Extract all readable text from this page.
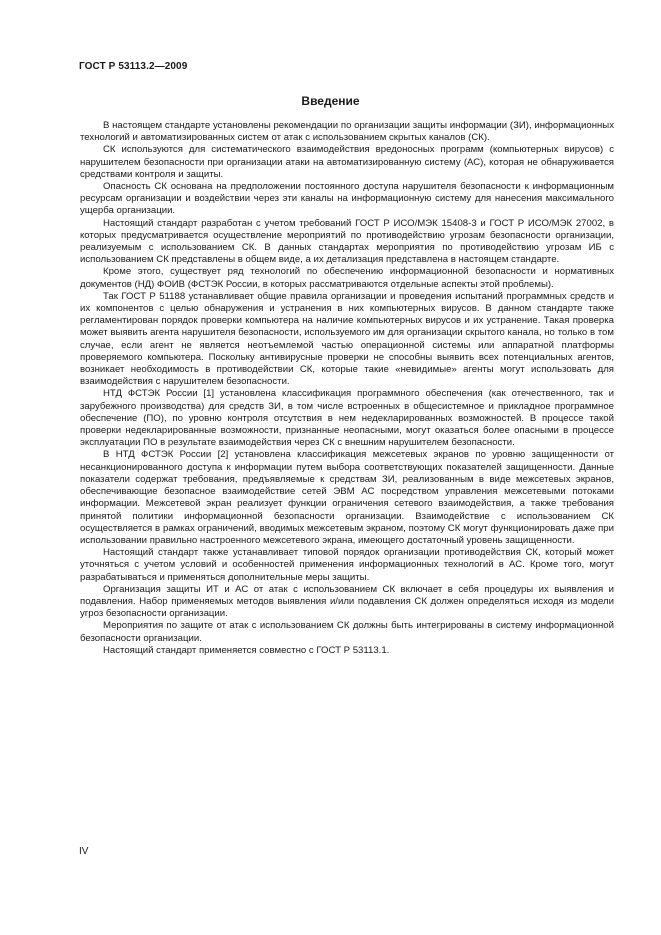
ГОСТ Р 53113.2—2009
Введение

В настоящем стандарте установлены рекомендации по организации защиты информации (ЗИ), информационных технологий и автоматизированных систем от атак с использованием скрытых каналов (СК).

СК используются для систематического взаимодействия вредоносных программ (компьютерных вирусов) с нарушителем безопасности при организации атаки на автоматизированную систему (АС), которая не обнаруживается средствами контроля и защиты.

Опасность СК основана на предположении постоянного доступа нарушителя безопасности к информационным ресурсам организации и воздействии через эти каналы на информационную систему для нанесения максимального ущерба организации.

Настоящий стандарт разработан с учетом требований ГОСТ Р ИСО/МЭК 15408-3 и ГОСТ Р ИСО/МЭК 27002, в которых предусматривается осуществление мероприятий по противодействию угрозам безопасности организации, реализуемым с использованием СК. В данных стандартах мероприятия по противодействию угрозам ИБ с использованием СК представлены в общем виде, а их детализация представлена в настоящем стандарте.

Кроме этого, существует ряд технологий по обеспечению информационной безопасности и нормативных документов (НД) ФОИВ (ФСТЭК России, в которых рассматриваются отдельные аспекты этой проблемы).

Так ГОСТ Р 51188 устанавливает общие правила организации и проведения испытаний программных средств и их компонентов с целью обнаружения и устранения в них компьютерных вирусов. В данном стандарте также регламентирован порядок проверки компьютера на наличие компьютерных вирусов и их устранение. Такая проверка может выявить агента нарушителя безопасности, используемого им для организации скрытого канала, но только в том случае, если агент не является неотъемлемой частью операционной системы или аппаратной платформы проверяемого компьютера. Поскольку антивирусные проверки не способны выявить всех потенциальных агентов, возникает необходимость в противодействии СК, которые такие «невидимые» агенты могут использовать для взаимодействия с нарушителем безопасности.

НТД ФСТЭК России [1] установлена классификация программного обеспечения (как отечественного, так и зарубежного производства) для средств ЗИ, в том числе встроенных в общесистемное и прикладное программное обеспечение (ПО), по уровню контроля отсутствия в нем недекларированных возможностей. В процессе такой проверки недекларированные возможности, признанные неопасными, могут оказаться более опасными в процессе эксплуатации ПО в результате взаимодействия через СК с внешним нарушителем безопасности.

В НТД ФСТЭК России [2] установлена классификация межсетевых экранов по уровню защищенности от несанкционированного доступа к информации путем выбора соответствующих показателей защищенности. Данные показатели содержат требования, предъявляемые к средствам ЗИ, реализованным в виде межсетевых экранов, обеспечивающие безопасное взаимодействие сетей ЭВМ АС посредством управления межсетевыми потоками информации. Межсетевой экран реализует функции ограничения сетевого взаимодействия, а также требования принятой политики информационной безопасности организации. Взаимодействие с использованием СК осуществляется в рамках ограничений, вводимых межсетевым экраном, поэтому СК могут функционировать даже при использовании правильно настроенного межсетевого экрана, имеющего достаточный уровень защищенности.

Настоящий стандарт также устанавливает типовой порядок организации противодействия СК, который может уточняться с учетом условий и особенностей применения информационных технологий в АС. Кроме того, могут разрабатываться и применяться дополнительные меры защиты.

Организация защиты ИТ и АС от атак с использованием СК включает в себя процедуры их выявления и подавления. Набор применяемых методов выявления и/или подавления СК должен определяться исходя из модели угроз безопасности организации.

Мероприятия по защите от атак с использованием СК должны быть интегрированы в систему информационной безопасности организации.

Настоящий стандарт применяется совместно с ГОСТ Р 53113.1.

IV
